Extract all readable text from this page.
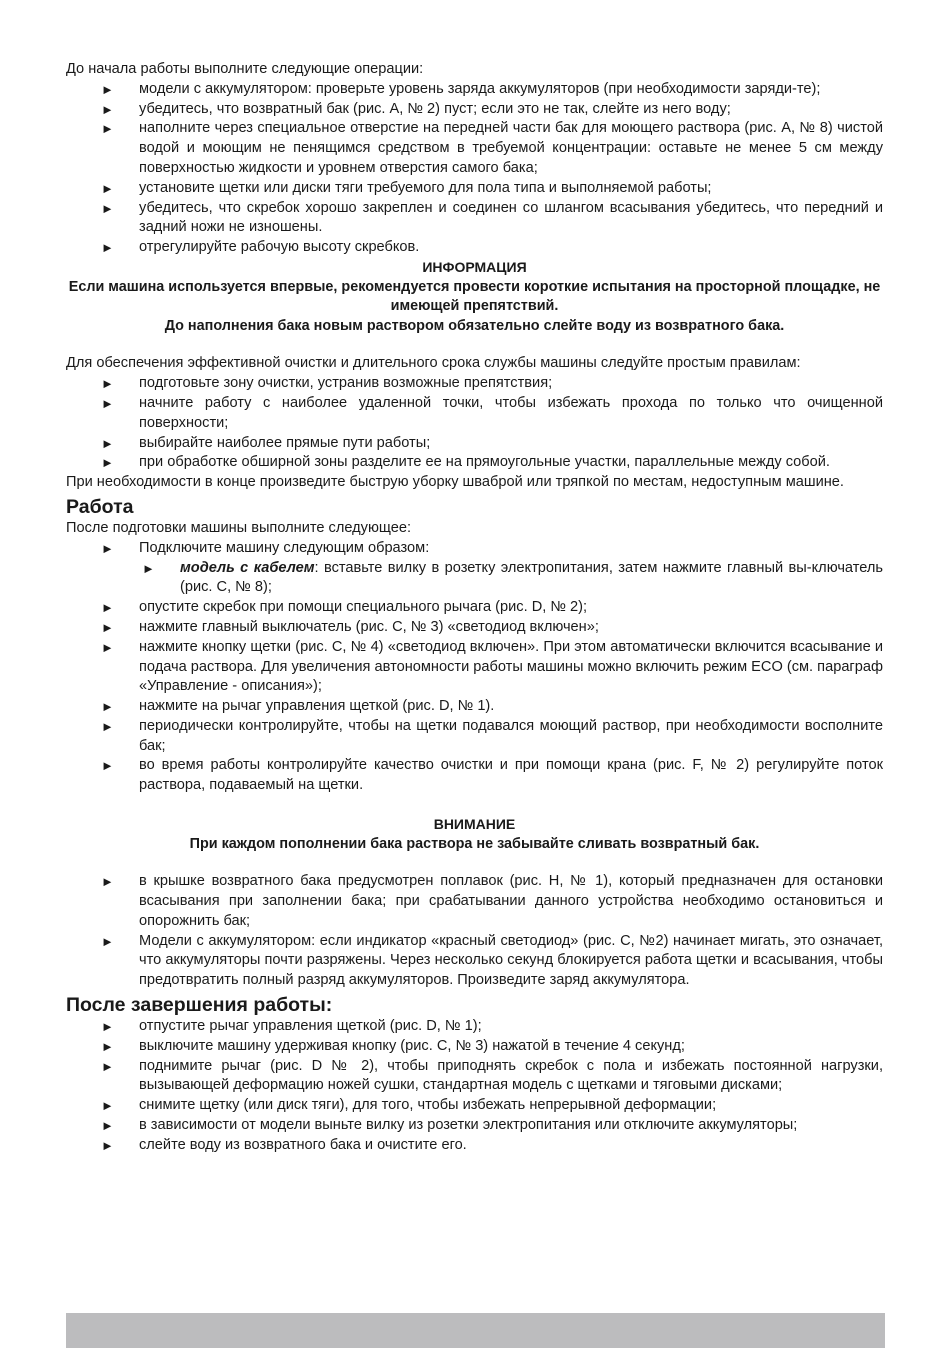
До начала работы выполните следующие операции:

► модели с аккумулятором: проверьте уровень заряда аккумуляторов (при необходимости заряди-те);
► убедитесь, что возвратный бак (рис. A, № 2) пуст; если это не так, слейте из него воду;
► наполните через специальное отверстие на передней части бак для моющего раствора (рис. A, № 8) чистой водой и моющим не пенящимся средством в требуемой концентрации: оставьте не менее 5 см между поверхностью жидкости и уровнем отверстия самого бака;
► установите щетки или диски тяги требуемого для пола типа и выполняемой работы;
► убедитесь, что скребок хорошо закреплен и соединен со шлангом всасывания убедитесь, что передний и задний ножи не изношены.
► отрегулируйте рабочую высоту скребков.

ИНФОРМАЦИЯ

Если машина используется впервые, рекомендуется провести короткие испытания на просторной площадке, не имеющей препятствий.

До наполнения бака новым раствором обязательно слейте воду из возвратного бака.

Для обеспечения эффективной очистки и длительного срока службы машины следуйте простым правилам:

► подготовьте зону очистки, устранив возможные препятствия;
► начните работу с наиболее удаленной точки, чтобы избежать прохода по только что очищенной поверхности;
► выбирайте наиболее прямые пути работы;
► при обработке обширной зоны разделите ее на прямоугольные участки, параллельные между собой.

При необходимости в конце произведите быструю уборку шваброй или тряпкой по местам, недоступным машине.

Работа

После подготовки машины выполните следующее:

► Подключите машину следующим образом:
► модель с кабелем: вставьте вилку в розетку электропитания, затем нажмите главный вы-ключатель (рис. C, № 8);
► опустите скребок при помощи специального рычага (рис. D, № 2);
► нажмите главный выключатель (рис. C, № 3) «светодиод включен»;
► нажмите кнопку щетки (рис. C, № 4) «светодиод включен». При этом автоматически включится всасывание и подача раствора. Для увеличения автономности работы машины можно включить режим ECO (см. параграф «Управление - описания»);
► нажмите на рычаг управления щеткой (рис. D, № 1).
► периодически контролируйте, чтобы на щетки подавался моющий раствор, при необходимости восполните бак;
► во время работы контролируйте качество очистки и при помощи крана (рис. F, № 2) регулируйте поток раствора, подаваемый на щетки.

ВНИМАНИЕ

При каждом пополнении бака раствора не забывайте сливать возвратный бак.

► в крышке возвратного бака предусмотрен поплавок (рис. H, № 1), который предназначен для остановки всасывания при заполнении бака; при срабатывании данного устройства необходимо остановиться и опорожнить бак;
► Модели с аккумулятором: если индикатор «красный светодиод» (рис. C, №2) начинает мигать, это означает, что аккумуляторы почти разряжены. Через несколько секунд блокируется работа щетки и всасывания, чтобы предотвратить полный разряд аккумуляторов. Произведите заряд аккумулятора.
После завершения работы:
► отпустите рычаг управления щеткой (рис. D, № 1);
► выключите машину удерживая кнопку (рис. C, № 3) нажатой в течение 4 секунд;
► поднимите рычаг (рис. D № 2), чтобы приподнять скребок с пола и избежать постоянной нагрузки, вызывающей деформацию ножей сушки, стандартная модель с щетками и тяговыми дисками;
► снимите щетку (или диск тяги), для того, чтобы избежать непрерывной деформации;
► в зависимости от модели выньте вилку из розетки электропитания или отключите аккумуляторы;
► слейте воду из возвратного бака и очистите его.
